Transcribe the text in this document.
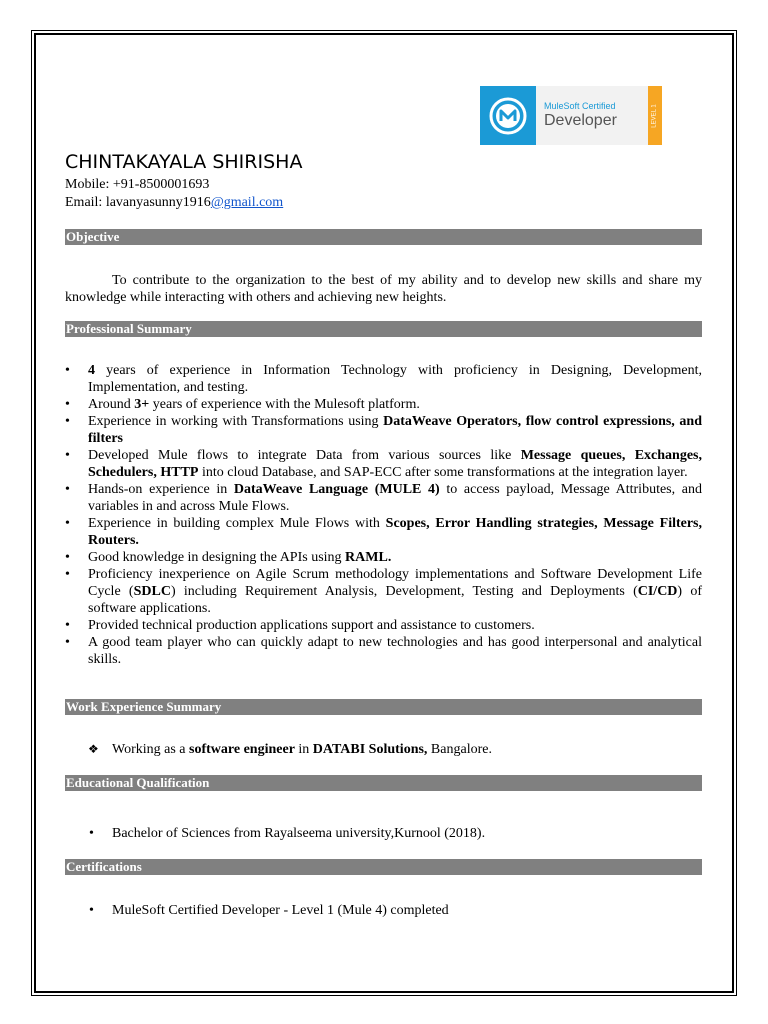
MuleSoft Certified
Developer	LEVEL 1
CHINTAKAYALA SHIRISHA
Mobile: +91-8500001693
Email: lavanyasunny1916@gmail.com
Objective
To contribute to the organization to the best of my ability and to develop new skills and share my knowledge while interacting with others and achieving new heights.
Professional Summary
• 4 years of experience in Information Technology with proficiency in Designing, Development, Implementation, and testing.
• Around 3+ years of experience with the Mulesoft platform.
• Experience in working with Transformations using DataWeave Operators, flow control expressions, and filters
• Developed Mule flows to integrate Data from various sources like Message queues, Exchanges, Schedulers, HTTP into cloud Database, and SAP-ECC after some transformations at the integration layer.
• Hands-on experience in DataWeave Language (MULE 4) to access payload, Message Attributes, and variables in and across Mule Flows.
• Experience in building complex Mule Flows with Scopes, Error Handling strategies, Message Filters, Routers.
• Good knowledge in designing the APIs using RAML.
• Proficiency inexperience on Agile Scrum methodology implementations and Software Development Life Cycle (SDLC) including Requirement Analysis, Development, Testing and Deployments (CI/CD) of software applications.
• Provided technical production applications support and assistance to customers.
• A good team player who can quickly adapt to new technologies and has good interpersonal and analytical skills.
Work Experience Summary
❖ Working as a software engineer in DATABI Solutions, Bangalore.
Educational Qualification
• Bachelor of Sciences from Rayalseema university,Kurnool (2018).
Certifications
• MuleSoft Certified Developer - Level 1 (Mule 4) completed
